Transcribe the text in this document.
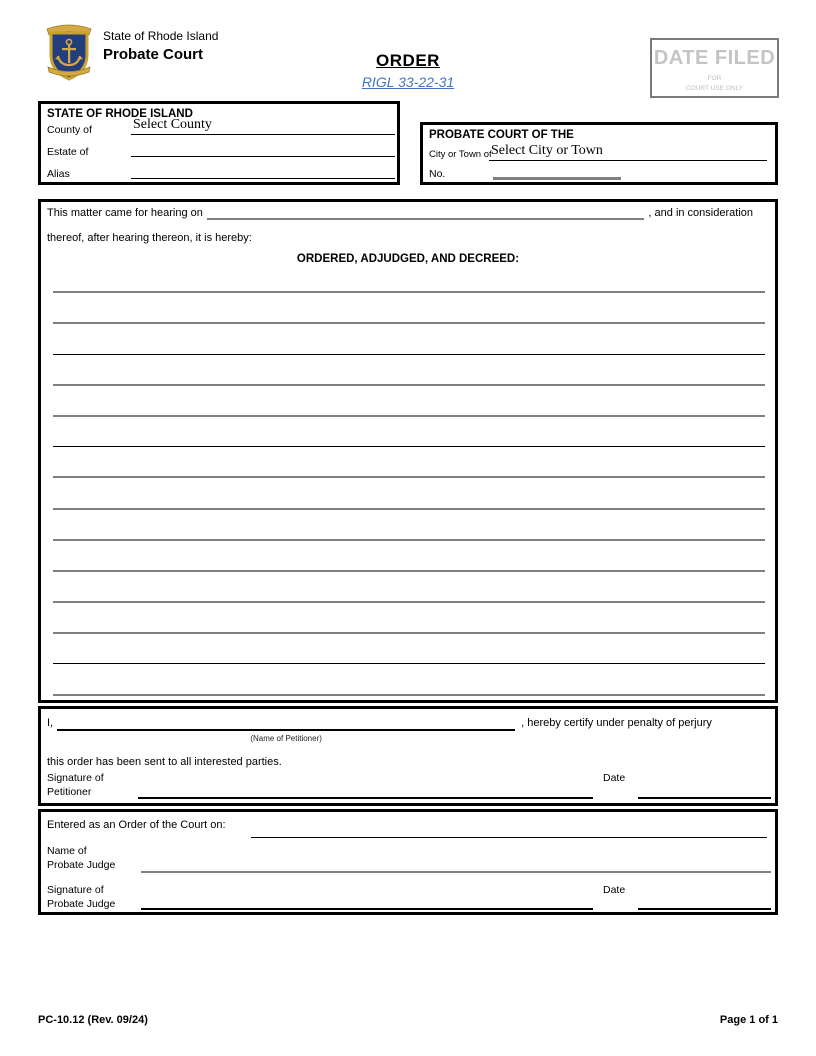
State of Rhode Island
Probate Court	ORDER
RIGL 33-22-31
DATE FILED
FOR
COURT USE ONLY
STATE OF RHODE ISLAND
County of	Select County
Estate of
Alias
PROBATE COURT OF THE
City or Town of Select City or Town
No.
This matter came for hearing on	, and in consideration
thereof, after hearing thereon, it is hereby:
ORDERED, ADJUDGED, AND DECREED:
I,
(Name of Petitioner)
, hereby certify under penalty of perjury
this order has been sent to all interested parties.
Signature of
Petitioner
Date
Entered as an Order of the Court on:
Name of
Probate Judge
Signature of
Probate Judge
Date
PC-10.12 (Rev. 09/24)	Page 1 of 1
